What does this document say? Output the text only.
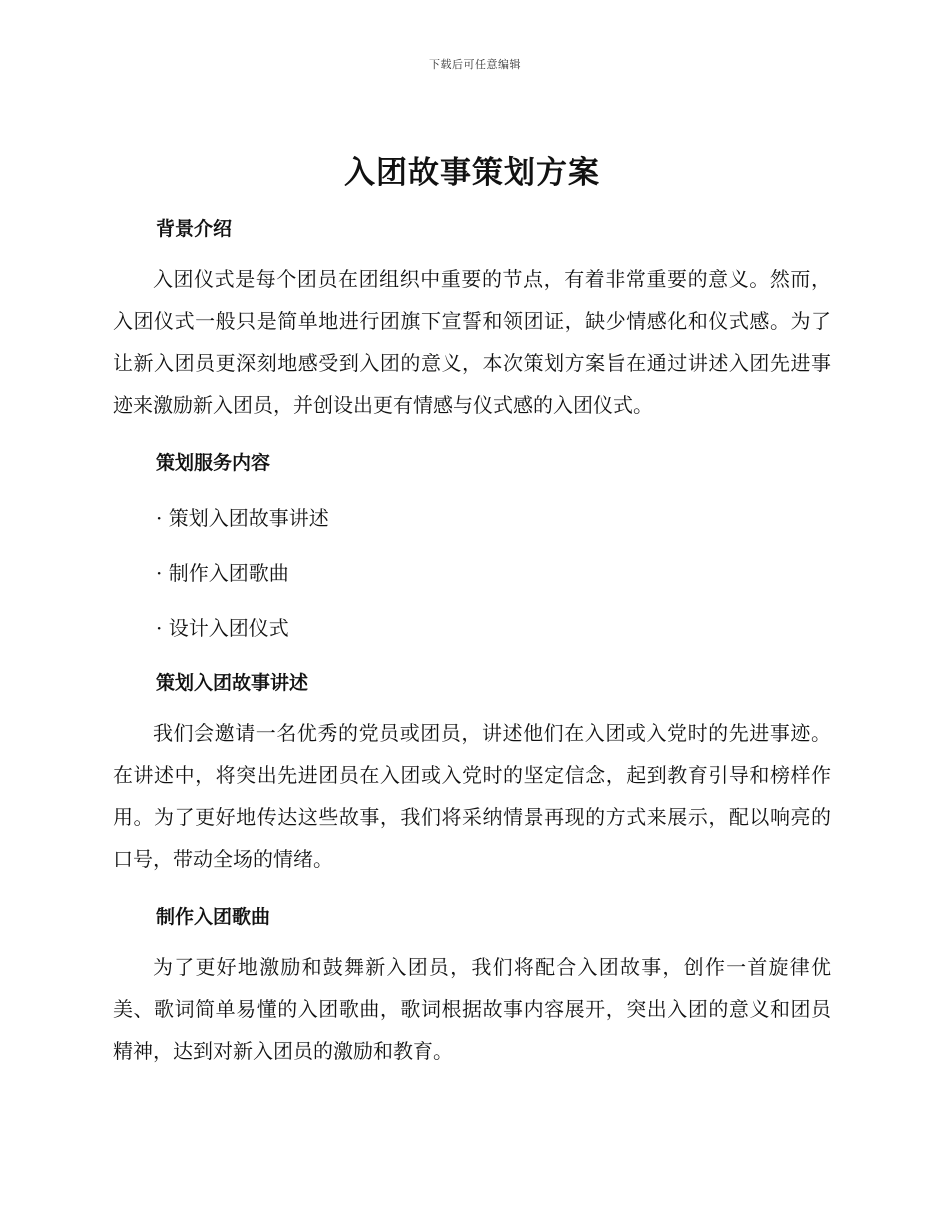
下载后可任意编辑
入团故事策划方案
背景介绍

入团仪式是每个团员在团组织中重要的节点，有着非常重要的意义。然而，入团仪式一般只是简单地进行团旗下宣誓和领团证，缺少情感化和仪式感。为了让新入团员更深刻地感受到入团的意义，本次策划方案旨在通过讲述入团先进事迹来激励新入团员，并创设出更有情感与仪式感的入团仪式。

策划服务内容

· 策划入团故事讲述

· 制作入团歌曲

· 设计入团仪式

策划入团故事讲述

我们会邀请一名优秀的党员或团员，讲述他们在入团或入党时的先进事迹。在讲述中，将突出先进团员在入团或入党时的坚定信念，起到教育引导和榜样作用。为了更好地传达这些故事，我们将采纳情景再现的方式来展示，配以响亮的口号，带动全场的情绪。

制作入团歌曲

为了更好地激励和鼓舞新入团员，我们将配合入团故事，创作一首旋律优美、歌词简单易懂的入团歌曲，歌词根据故事内容展开，突出入团的意义和团员精神，达到对新入团员的激励和教育。
